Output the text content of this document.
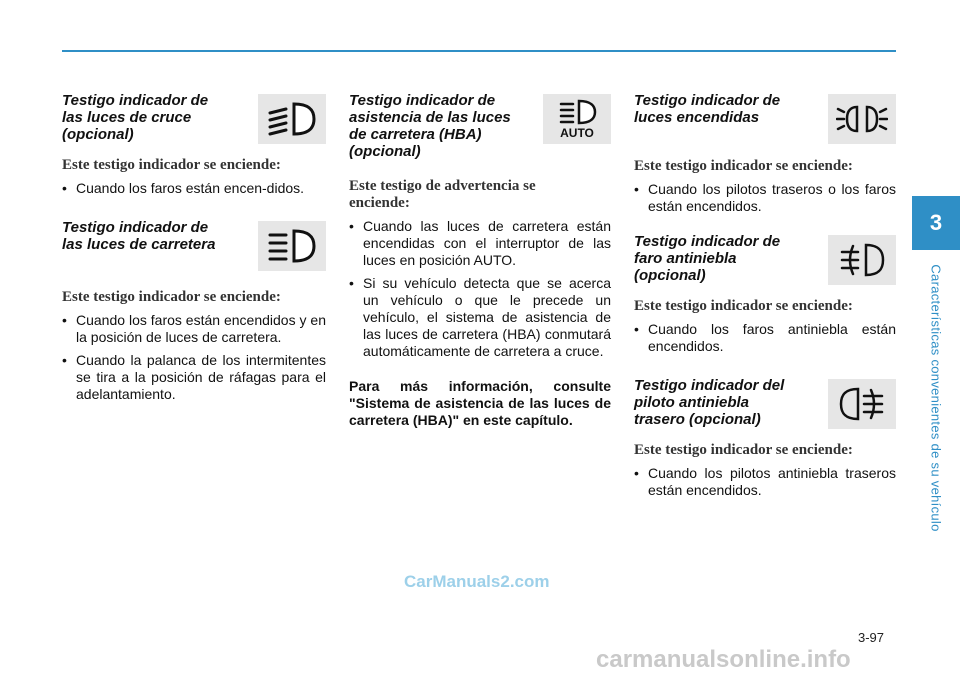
Testigo indicador de
las luces de cruce
(opcional)
Este testigo indicador se enciende:
• Cuando los faros están encen-didos.
Testigo indicador de
las luces de carretera
Este testigo indicador se enciende:
• Cuando los faros están encendidos y en la posición de luces de carretera.
• Cuando la palanca de los intermitentes se tira a la posición de ráfagas para el adelantamiento.
Testigo indicador de
asistencia de las luces
de carretera (HBA)
(opcional)
AUTO
Este testigo de advertencia se
enciende:
• Cuando las luces de carretera están encendidas con el interruptor de las luces en posición AUTO.
• Si su vehículo detecta que se acerca un vehículo o que le precede un vehículo, el sistema de asistencia de las luces de carretera (HBA) conmutará automáticamente de carretera a cruce.
Para más información, consulte "Sistema de asistencia de las luces de carretera (HBA)" en este capítulo.
Testigo indicador de
luces encendidas
Este testigo indicador se enciende:
• Cuando los pilotos traseros o los faros están encendidos.
Testigo indicador de
faro antiniebla
(opcional)
Este testigo indicador se enciende:
• Cuando los faros antiniebla están encendidos.
Testigo indicador del
piloto antiniebla
trasero (opcional)
Este testigo indicador se enciende:
• Cuando los pilotos antiniebla traseros están encendidos.
3
Características convenientes de su vehículo
CarManuals2.com
3-97
carmanualsonline.info
